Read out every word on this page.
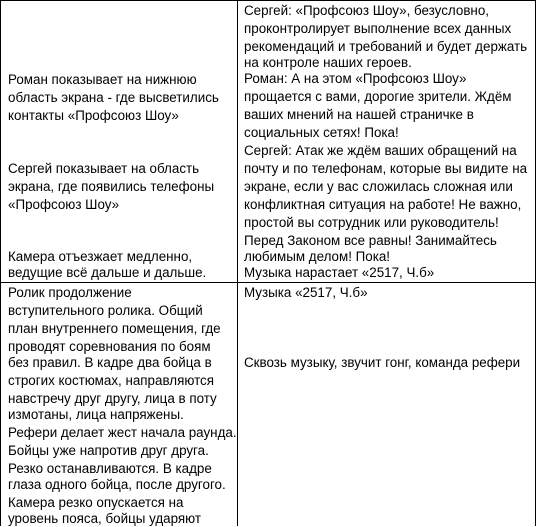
Роман показывает на нижнюю
область экрана - где высветились
контакты «Профсоюз Шоу»
Сергей показывает на область
экрана, где появились телефоны
«Профсоюз Шоу»
Камера отъезжает медленно,
ведущие всё дальше и дальше.
Сергей: «Профсоюз Шоу», безусловно,
проконтролирует выполнение всех данных
рекомендаций и требований и будет держать
на контроле наших героев.
Роман: А на этом «Профсоюз Шоу»
прощается с вами, дорогие зрители. Ждём
ваших мнений на нашей страничке в
социальных сетях! Пока!
Сергей: Атак же ждём ваших обращений на
почту и по телефонам, которые вы видите на
экране, если у вас сложилась сложная или
конфликтная ситуация на работе! Не важно,
простой вы сотрудник или руководитель!
Перед Законом все равны! Занимайтесь
любимым делом! Пока!
Музыка нарастает «2517, Ч.б»
Ролик продолжение
вступительного ролика. Общий
план внутреннего помещения, где
проводят соревнования по боям
без правил. В кадре два бойца в
строгих костюмах, направляются
навстречу друг другу, лица в поту
измотаны, лица напряжены.
Рефери делает жест начала раунда.
Бойцы уже напротив друг друга.
Резко останавливаются. В кадре
глаза одного бойца, после другого.
Камера резко опускается на
уровень пояса, бойцы ударяют
Музыка «2517, Ч.б»
Сквозь музыку, звучит гонг, команда рефери
